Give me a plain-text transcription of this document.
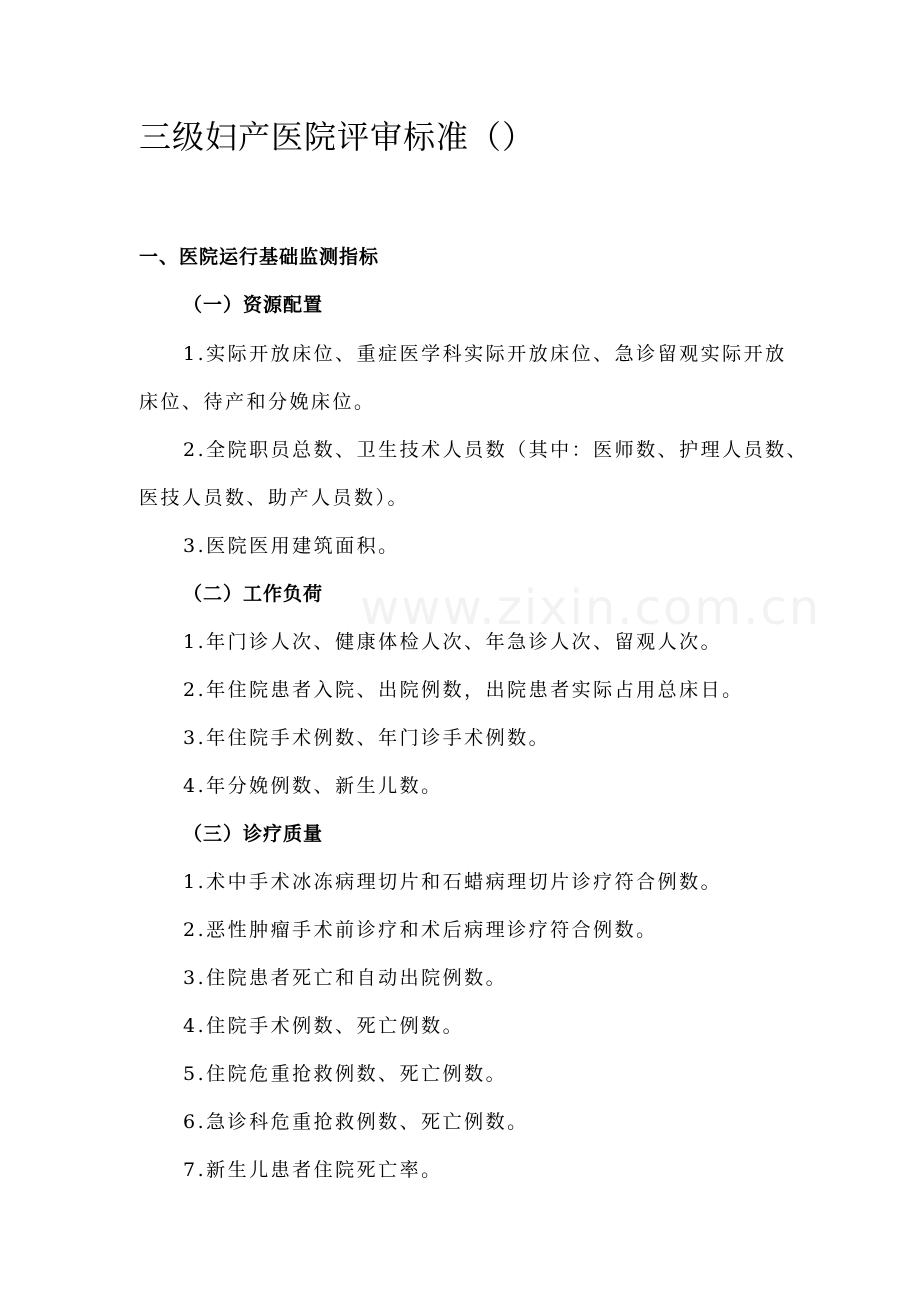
www.zixin.com.cn
三级妇产医院评审标准（）
一、医院运行基础监测指标
（一）资源配置
1.实际开放床位、重症医学科实际开放床位、急诊留观实际开放
床位、待产和分娩床位。
2.全院职员总数、卫生技术人员数（其中：医师数、护理人员数、
医技人员数、助产人员数）。
3.医院医用建筑面积。
（二）工作负荷
1.年门诊人次、健康体检人次、年急诊人次、留观人次。
2.年住院患者入院、出院例数，出院患者实际占用总床日。
3.年住院手术例数、年门诊手术例数。
4.年分娩例数、新生儿数。
（三）诊疗质量
1.术中手术冰冻病理切片和石蜡病理切片诊疗符合例数。
2.恶性肿瘤手术前诊疗和术后病理诊疗符合例数。
3.住院患者死亡和自动出院例数。
4.住院手术例数、死亡例数。
5.住院危重抢救例数、死亡例数。
6.急诊科危重抢救例数、死亡例数。
7.新生儿患者住院死亡率。
